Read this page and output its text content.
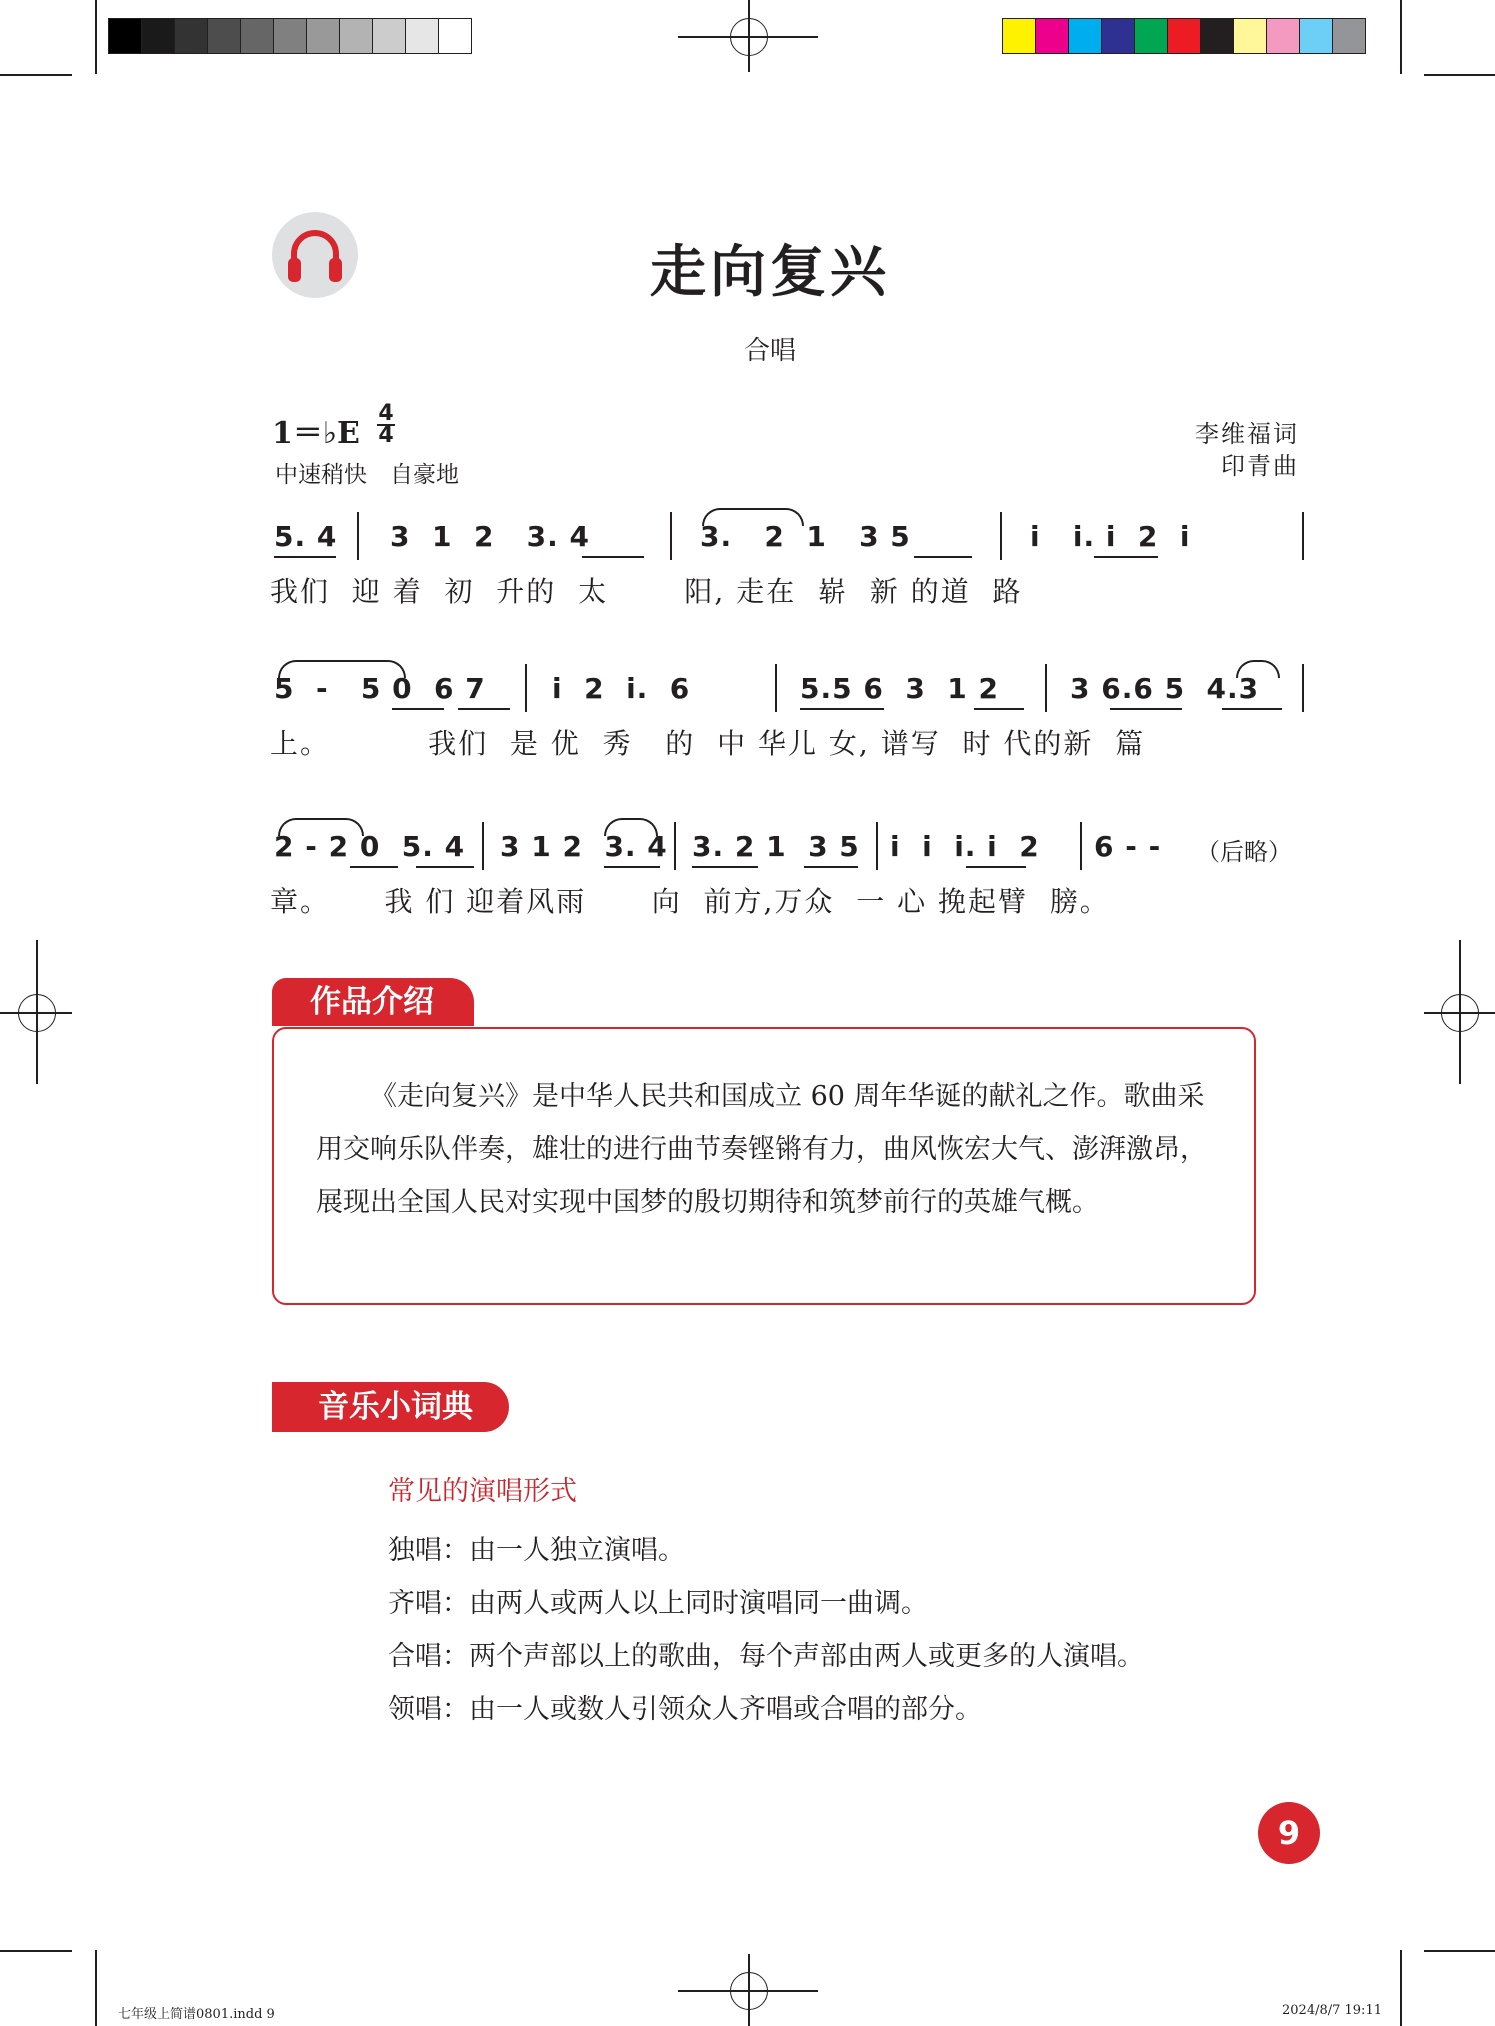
走向复兴
合唱
1＝♭E
4
4
中速稍快　自豪地
李维福词
印青曲
5. 4 3  1  2   3. 4	3.   2  1   3 5	i   i. i  2  i
我们  迎 着  初  升的  太       阳, 走在  崭  新 的道  路
5  -   5 0  6 7 i  2  i.  6	5.5 6  3  1 2	3 6.6 5  4.3
上。         我们  是 优  秀   的  中 华儿 女, 谱写  时 代的新  篇
2 - 2 0  5. 4 3 1 2  3. 4 3. 2 1  3 5 i  i  i. i  2 6 - - （后略）
章。     我 们 迎着风雨      向  前方,万众  一 心 挽起臂  膀。
作品介绍
《走向复兴》是中华人民共和国成立 60 周年华诞的献礼之作。歌曲采用交响乐队伴奏，雄壮的进行曲节奏铿锵有力，曲风恢宏大气、澎湃激昂，展现出全国人民对实现中国梦的殷切期待和筑梦前行的英雄气概。
音乐小词典
常见的演唱形式
独唱：由一人独立演唱。
齐唱：由两人或两人以上同时演唱同一曲调。
合唱：两个声部以上的歌曲，每个声部由两人或更多的人演唱。
领唱：由一人或数人引领众人齐唱或合唱的部分。
9
七年级上简谱0801.indd 9	2024/8/7 19:11
